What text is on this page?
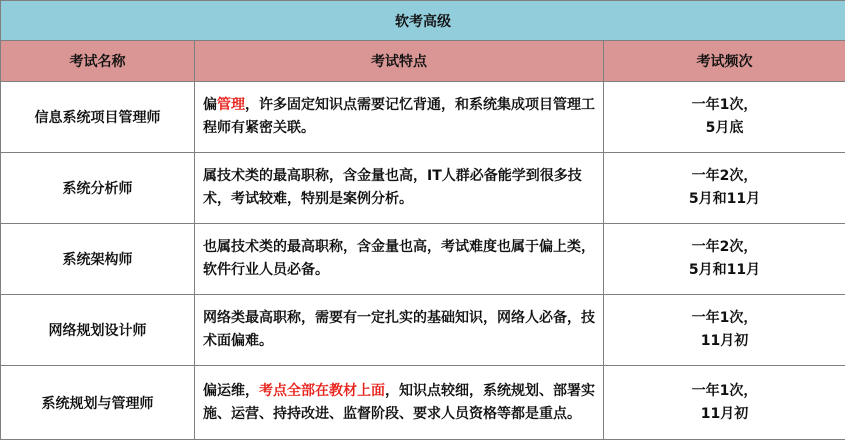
软考高级		
考试名称	考试特点	考试频次
信息系统项目管理师	偏管理，许多固定知识点需要记忆背通，和系统集成项目管理工程师有紧密关联。	一年1次，
5月底

系统分析师	属技术类的最高职称，含金量也高，IT人群必备能学到很多技术，考试较难，特别是案例分析。	一年2次，
5月和11月

系统架构师	也属技术类的最高职称，含金量也高，考试难度也属于偏上类，软件行业人员必备。	一年2次，
5月和11月

网络规划设计师	网络类最高职称，需要有一定扎实的基础知识，网络人必备，技术面偏难。	一年1次，
11月初

系统规划与管理师	偏运维，考点全部在教材上面，知识点较细，系统规划、部署实施、运营、持持改进、监督阶段、要求人员资格等都是重点。	一年1次，
11月初
